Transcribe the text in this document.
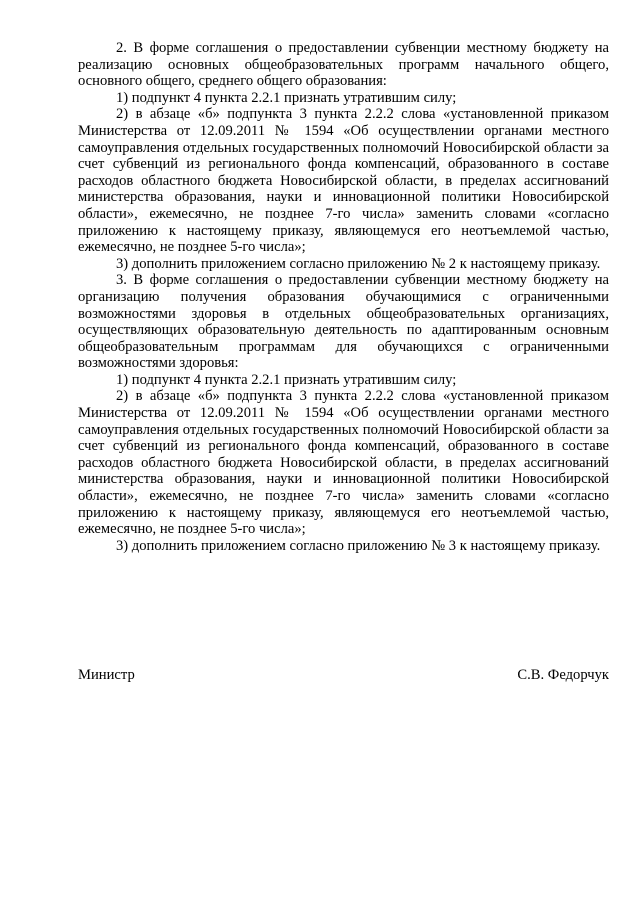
2. В форме соглашения о предоставлении субвенции местному бюджету на реализацию основных общеобразовательных программ начального общего, основного общего, среднего общего образования:

1) подпункт 4 пункта 2.2.1 признать утратившим силу;

2) в абзаце «б» подпункта 3 пункта 2.2.2 слова «установленной приказом Министерства от 12.09.2011 № 1594 «Об осуществлении органами местного самоуправления отдельных государственных полномочий Новосибирской области за счет субвенций из регионального фонда компенсаций, образованного в составе расходов областного бюджета Новосибирской области, в пределах ассигнований министерства образования, науки и инновационной политики Новосибирской области», ежемесячно, не позднее 7-го числа» заменить словами «согласно приложению к настоящему приказу, являющемуся его неотъемлемой частью, ежемесячно, не позднее 5-го числа»;

3) дополнить приложением согласно приложению № 2 к настоящему приказу.

3. В форме соглашения о предоставлении субвенции местному бюджету на организацию получения образования обучающимися с ограниченными возможностями здоровья в отдельных общеобразовательных организациях, осуществляющих образовательную деятельность по адаптированным основным общеобразовательным программам для обучающихся с ограниченными возможностями здоровья:

1) подпункт 4 пункта 2.2.1 признать утратившим силу;

2) в абзаце «б» подпункта 3 пункта 2.2.2 слова «установленной приказом Министерства от 12.09.2011 № 1594 «Об осуществлении органами местного самоуправления отдельных государственных полномочий Новосибирской области за счет субвенций из регионального фонда компенсаций, образованного в составе расходов областного бюджета Новосибирской области, в пределах ассигнований министерства образования, науки и инновационной политики Новосибирской области», ежемесячно, не позднее 7-го числа» заменить словами «согласно приложению к настоящему приказу, являющемуся его неотъемлемой частью, ежемесячно, не позднее 5-го числа»;

3) дополнить приложением согласно приложению № 3 к настоящему приказу.

Министр	С.В. Федорчук
